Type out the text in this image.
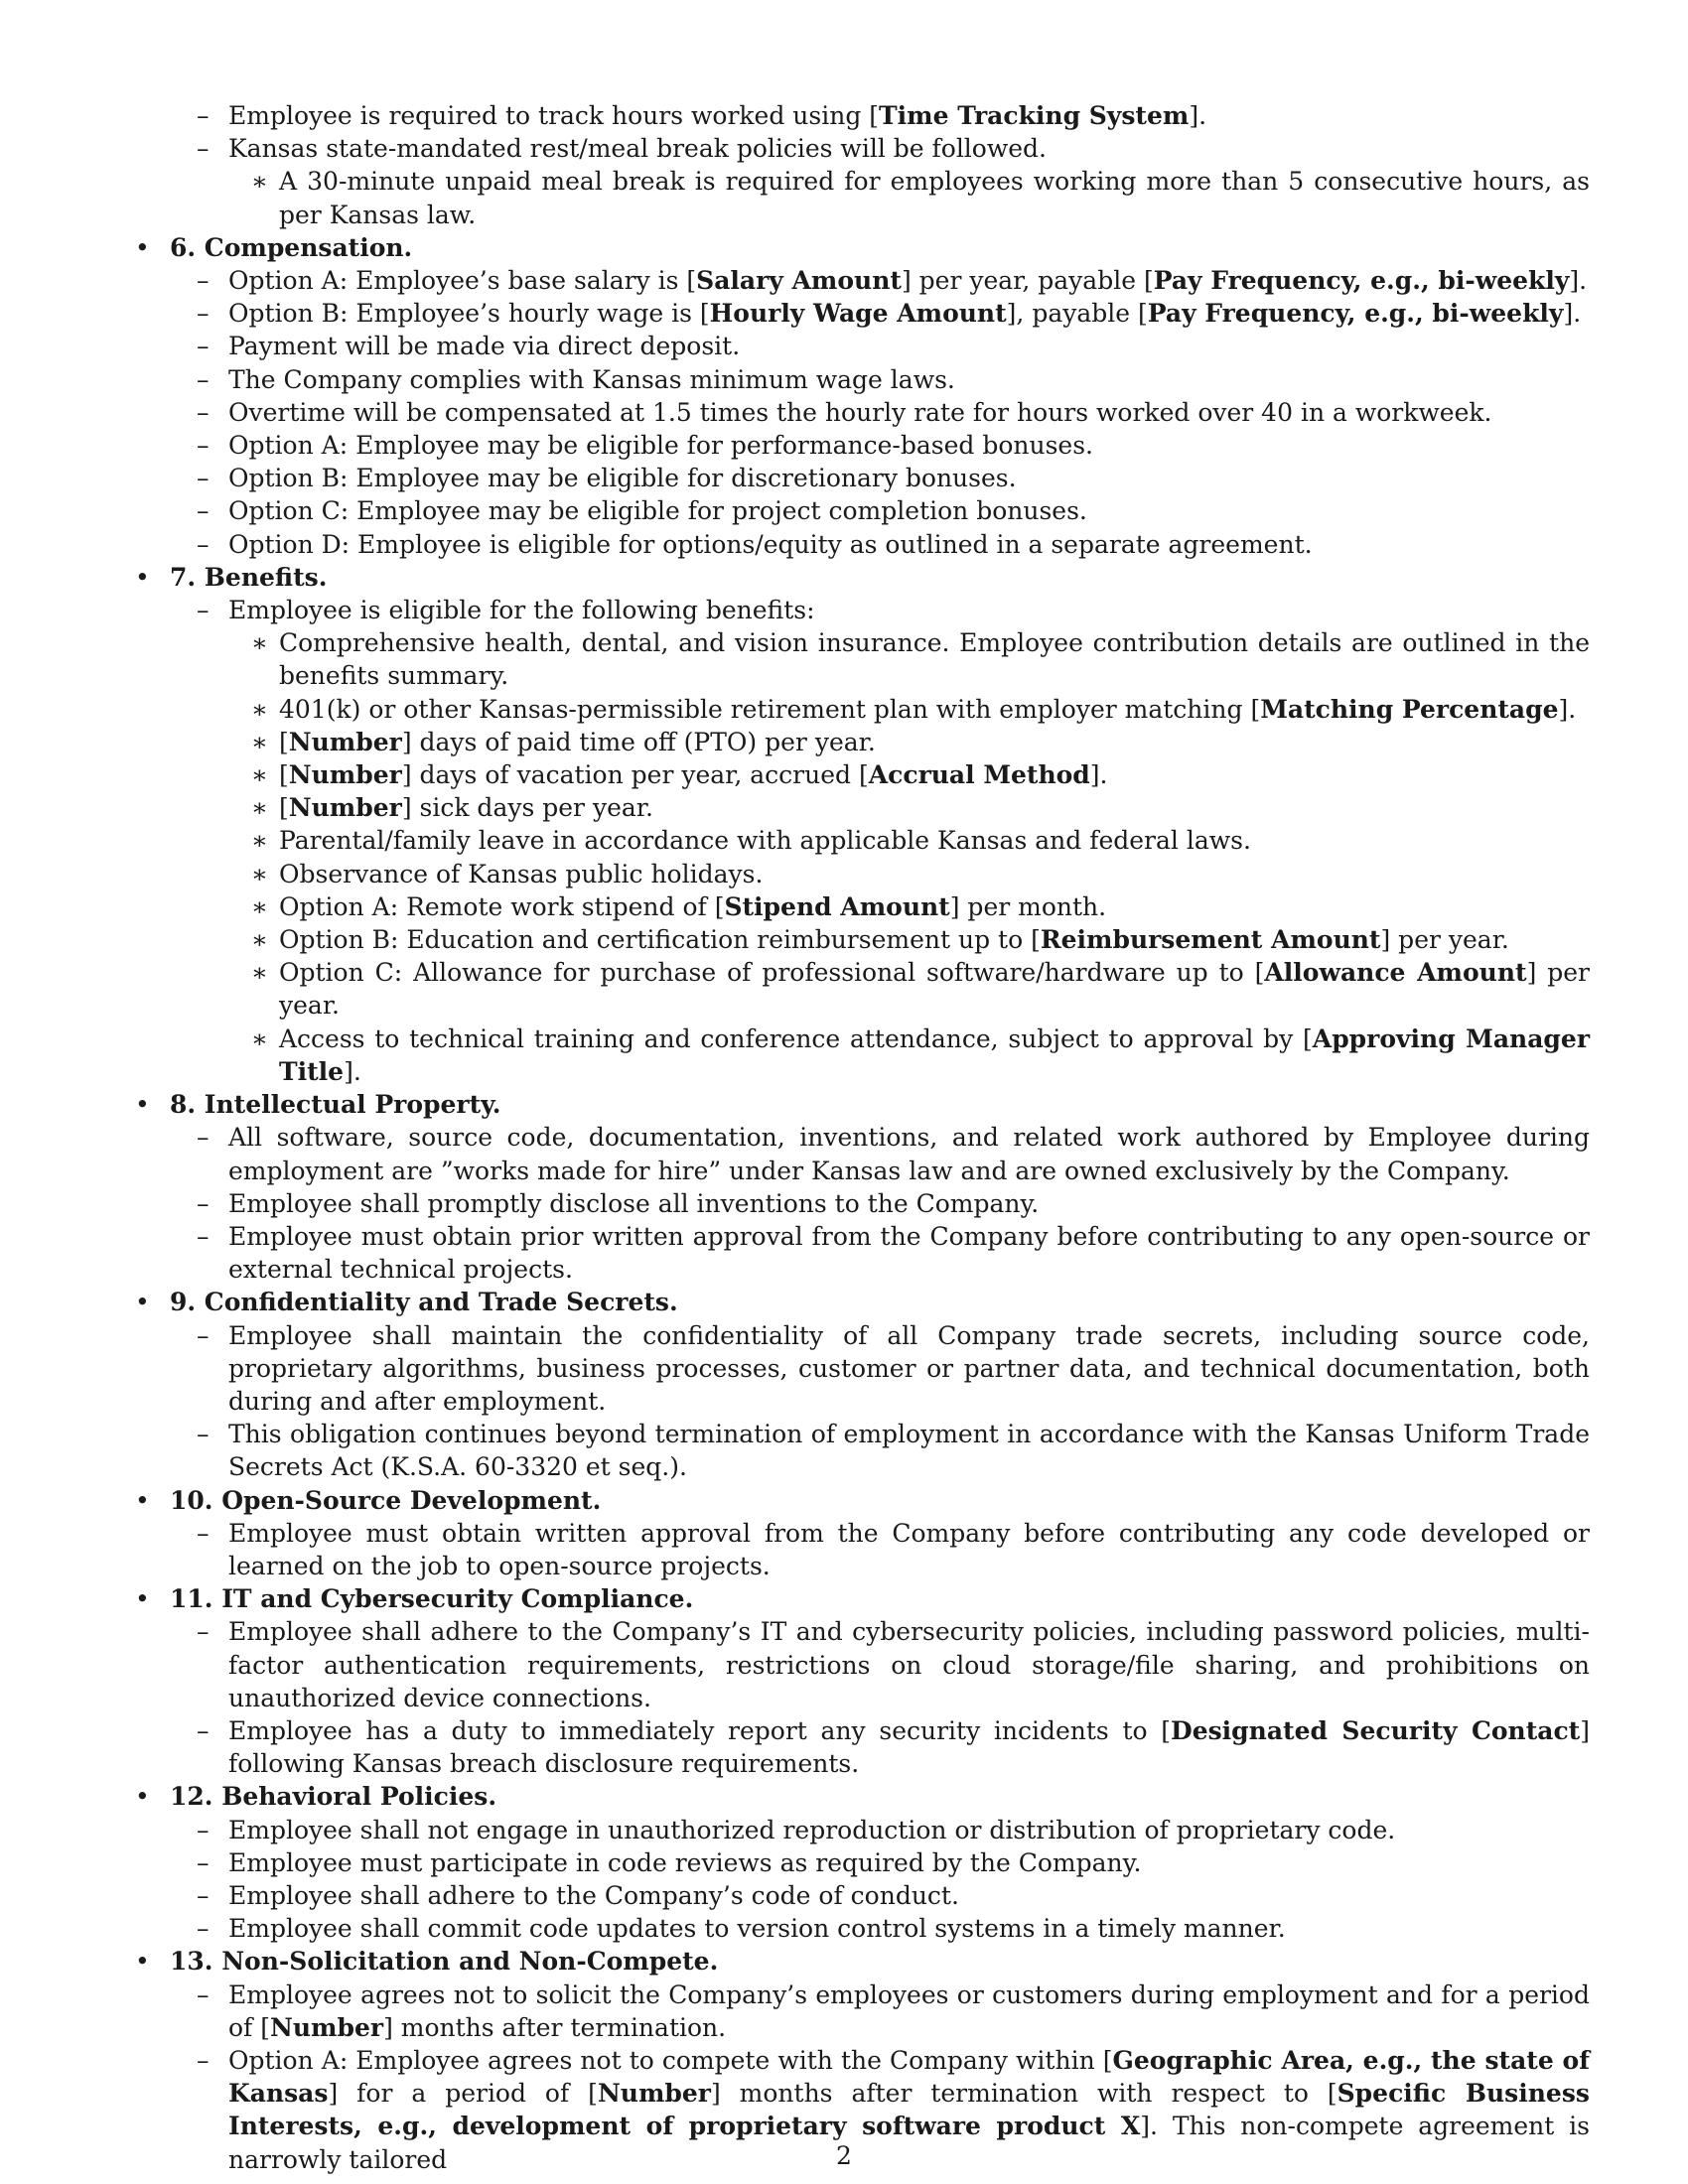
– Employee is required to track hours worked using [Time Tracking System].
– Kansas state-mandated rest/meal break policies will be followed.
∗ A 30-minute unpaid meal break is required for employees working more than 5 consecutive hours, as per Kansas law.
• 6. Compensation.
– Option A: Employee’s base salary is [Salary Amount] per year, payable [Pay Frequency, e.g., bi-weekly].
– Option B: Employee’s hourly wage is [Hourly Wage Amount], payable [Pay Frequency, e.g., bi-weekly].
– Payment will be made via direct deposit.
– The Company complies with Kansas minimum wage laws.
– Overtime will be compensated at 1.5 times the hourly rate for hours worked over 40 in a workweek.
– Option A: Employee may be eligible for performance-based bonuses.
– Option B: Employee may be eligible for discretionary bonuses.
– Option C: Employee may be eligible for project completion bonuses.
– Option D: Employee is eligible for options/equity as outlined in a separate agreement.
• 7. Benefits.
– Employee is eligible for the following benefits:
∗ Comprehensive health, dental, and vision insurance. Employee contribution details are outlined in the benefits summary.
∗ 401(k) or other Kansas-permissible retirement plan with employer matching [Matching Percentage].
∗ [Number] days of paid time off (PTO) per year.
∗ [Number] days of vacation per year, accrued [Accrual Method].
∗ [Number] sick days per year.
∗ Parental/family leave in accordance with applicable Kansas and federal laws.
∗ Observance of Kansas public holidays.
∗ Option A: Remote work stipend of [Stipend Amount] per month.
∗ Option B: Education and certification reimbursement up to [Reimbursement Amount] per year.
∗ Option C: Allowance for purchase of professional software/hardware up to [Allowance Amount] per year.
∗ Access to technical training and conference attendance, subject to approval by [Approving Manager Title].
• 8. Intellectual Property.
– All software, source code, documentation, inventions, and related work authored by Employee during employment are ”works made for hire” under Kansas law and are owned exclusively by the Company.
– Employee shall promptly disclose all inventions to the Company.
– Employee must obtain prior written approval from the Company before contributing to any open-source or external technical projects.
• 9. Confidentiality and Trade Secrets.
– Employee shall maintain the confidentiality of all Company trade secrets, including source code, proprietary algorithms, business processes, customer or partner data, and technical documentation, both during and after employment.
– This obligation continues beyond termination of employment in accordance with the Kansas Uniform Trade Secrets Act (K.S.A. 60-3320 et seq.).
• 10. Open-Source Development.
– Employee must obtain written approval from the Company before contributing any code developed or learned on the job to open-source projects.
• 11. IT and Cybersecurity Compliance.
– Employee shall adhere to the Company’s IT and cybersecurity policies, including password policies, multi-factor authentication requirements, restrictions on cloud storage/file sharing, and prohibitions on unauthorized device connections.
– Employee has a duty to immediately report any security incidents to [Designated Security Contact] following Kansas breach disclosure requirements.
• 12. Behavioral Policies.
– Employee shall not engage in unauthorized reproduction or distribution of proprietary code.
– Employee must participate in code reviews as required by the Company.
– Employee shall adhere to the Company’s code of conduct.
– Employee shall commit code updates to version control systems in a timely manner.
• 13. Non-Solicitation and Non-Compete.
– Employee agrees not to solicit the Company’s employees or customers during employment and for a period of [Number] months after termination.
– Option A: Employee agrees not to compete with the Company within [Geographic Area, e.g., the state of Kansas] for a period of [Number] months after termination with respect to [Specific Business Interests, e.g., development of proprietary software product X]. This non-compete agreement is narrowly tailored	2
